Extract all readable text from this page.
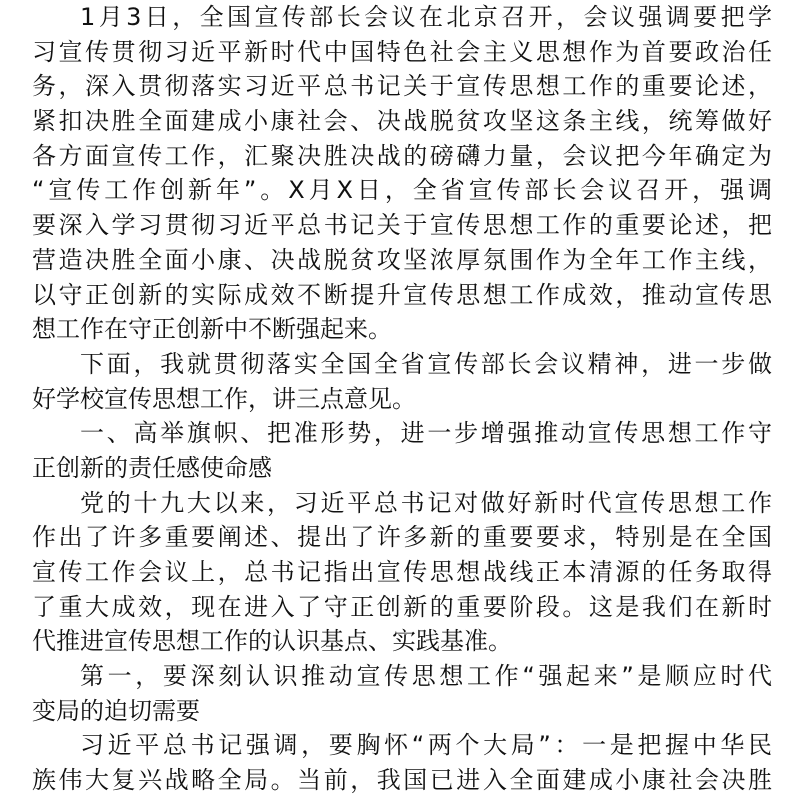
1月3日，全国宣传部长会议在北京召开，会议强调要把学
习宣传贯彻习近平新时代中国特色社会主义思想作为首要政治任
务，深入贯彻落实习近平总书记关于宣传思想工作的重要论述，
紧扣决胜全面建成小康社会、决战脱贫攻坚这条主线，统筹做好
各方面宣传工作，汇聚决胜决战的磅礴力量，会议把今年确定为
“宣传工作创新年”。X月X日，全省宣传部长会议召开，强调
要深入学习贯彻习近平总书记关于宣传思想工作的重要论述，把
营造决胜全面小康、决战脱贫攻坚浓厚氛围作为全年工作主线，
以守正创新的实际成效不断提升宣传思想工作成效，推动宣传思
想工作在守正创新中不断强起来。
下面，我就贯彻落实全国全省宣传部长会议精神，进一步做
好学校宣传思想工作，讲三点意见。
一、高举旗帜、把准形势，进一步增强推动宣传思想工作守
正创新的责任感使命感
党的十九大以来，习近平总书记对做好新时代宣传思想工作
作出了许多重要阐述、提出了许多新的重要要求，特别是在全国
宣传工作会议上，总书记指出宣传思想战线正本清源的任务取得
了重大成效，现在进入了守正创新的重要阶段。这是我们在新时
代推进宣传思想工作的认识基点、实践基准。
第一，要深刻认识推动宣传思想工作“强起来”是顺应时代
变局的迫切需要
习近平总书记强调，要胸怀“两个大局”：一是把握中华民
族伟大复兴战略全局。当前，我国已进入全面建成小康社会决胜
